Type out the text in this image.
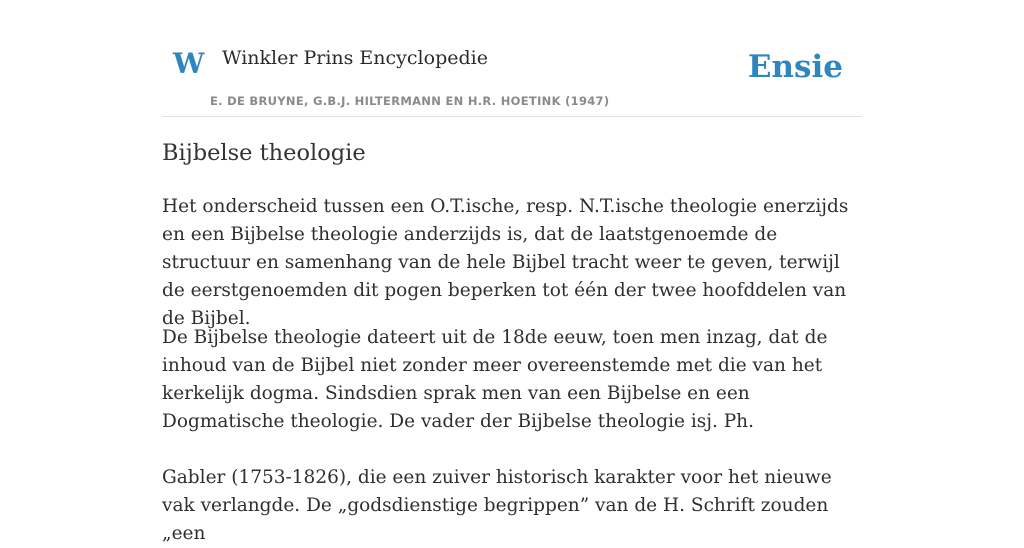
W Winkler Prins Encyclopedie
E. DE BRUYNE, G.B.J. HILTERMANN EN H.R. HOETINK (1947)
Ensie
Bijbelse theologie

Het onderscheid tussen een O.T.ische, resp. N.T.ische theologie enerzijds en een Bijbelse theologie anderzijds is, dat de laatstgenoemde de structuur en samenhang van de hele Bijbel tracht weer te geven, terwijl de eerstgenoemden dit pogen beperken tot één der twee hoofddelen van de Bijbel.

De Bijbelse theologie dateert uit de 18de eeuw, toen men inzag, dat de inhoud van de Bijbel niet zonder meer overeenstemde met die van het kerkelijk dogma. Sindsdien sprak men van een Bijbelse en een Dogmatische theologie. De vader der Bijbelse theologie isj. Ph.

Gabler (1753-1826), die een zuiver historisch karakter voor het nieuwe vak verlangde. De „godsdienstige begrippen” van de H. Schrift zouden „een
